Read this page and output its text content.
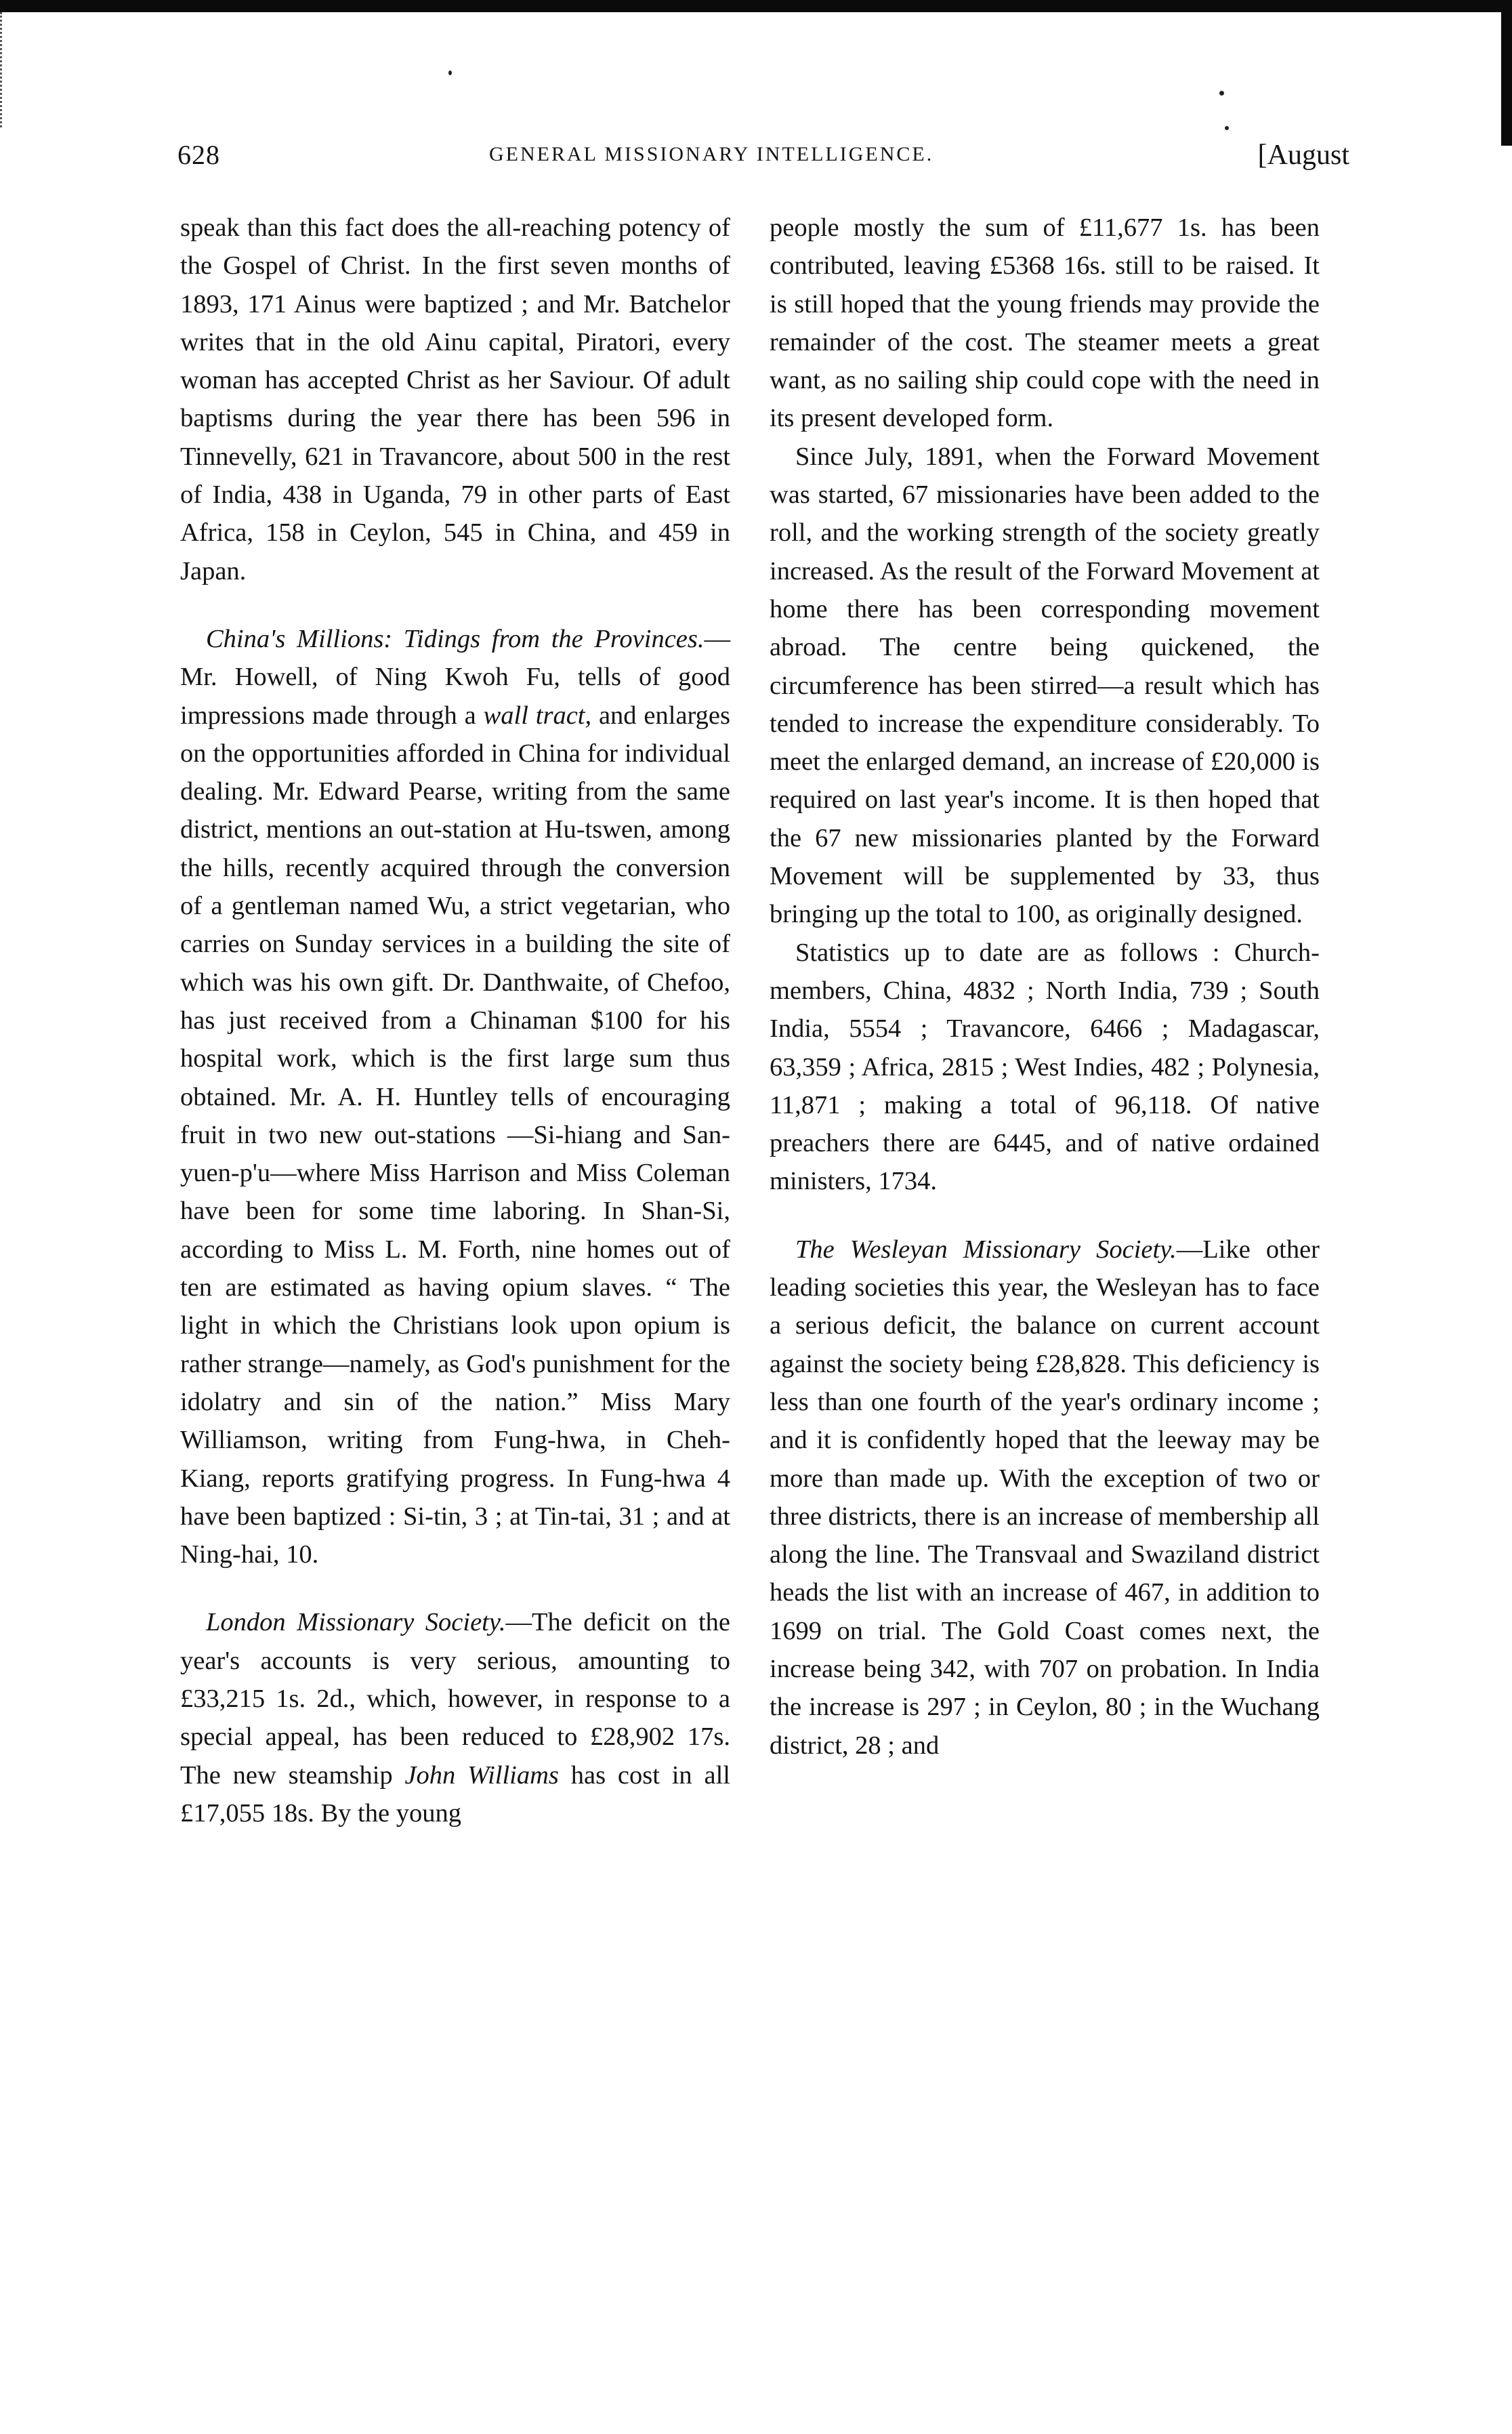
628	GENERAL MISSIONARY INTELLIGENCE.	[August

speak than this fact does the all-reaching potency of the Gospel of Christ. In the first seven months of 1893, 171 Ainus were baptized ; and Mr. Batchelor writes that in the old Ainu capital, Piratori, every woman has accepted Christ as her Saviour. Of adult baptisms during the year there has been 596 in Tinnevelly, 621 in Travancore, about 500 in the rest of India, 438 in Uganda, 79 in other parts of East Africa, 158 in Ceylon, 545 in China, and 459 in Japan.

China's Millions: Tidings from the Provinces.—Mr. Howell, of Ning Kwoh Fu, tells of good impressions made through a wall tract, and enlarges on the opportunities afforded in China for individual dealing. Mr. Edward Pearse, writing from the same district, mentions an out-station at Hu-tswen, among the hills, recently acquired through the conversion of a gentleman named Wu, a strict vegetarian, who carries on Sunday services in a building the site of which was his own gift. Dr. Danthwaite, of Chefoo, has just received from a Chinaman $100 for his hospital work, which is the first large sum thus obtained. Mr. A. H. Huntley tells of encouraging fruit in two new out-stations —Si-hiang and San-yuen-p'u—where Miss Harrison and Miss Coleman have been for some time laboring. In Shan-Si, according to Miss L. M. Forth, nine homes out of ten are estimated as having opium slaves. “ The light in which the Christians look upon opium is rather strange—namely, as God's punishment for the idolatry and sin of the nation.” Miss Mary Williamson, writing from Fung-hwa, in Cheh-Kiang, reports gratifying progress. In Fung-hwa 4 have been baptized : Si-tin, 3 ; at Tin-tai, 31 ; and at Ning-hai, 10.

London Missionary Society.—The deficit on the year's accounts is very serious, amounting to £33,215 1s. 2d., which, however, in response to a special appeal, has been reduced to £28,902 17s. The new steamship John Williams has cost in all £17,055 18s. By the young

people mostly the sum of £11,677 1s. has been contributed, leaving £5368 16s. still to be raised. It is still hoped that the young friends may provide the remainder of the cost. The steamer meets a great want, as no sailing ship could cope with the need in its present developed form.

Since July, 1891, when the Forward Movement was started, 67 missionaries have been added to the roll, and the working strength of the society greatly increased. As the result of the Forward Movement at home there has been corresponding movement abroad. The centre being quickened, the circumference has been stirred—a result which has tended to increase the expenditure considerably. To meet the enlarged demand, an increase of £20,000 is required on last year's income. It is then hoped that the 67 new missionaries planted by the Forward Movement will be supplemented by 33, thus bringing up the total to 100, as originally designed.

Statistics up to date are as follows : Church-members, China, 4832 ; North India, 739 ; South India, 5554 ; Travancore, 6466 ; Madagascar, 63,359 ; Africa, 2815 ; West Indies, 482 ; Polynesia, 11,871 ; making a total of 96,118. Of native preachers there are 6445, and of native ordained ministers, 1734.

The Wesleyan Missionary Society.—Like other leading societies this year, the Wesleyan has to face a serious deficit, the balance on current account against the society being £28,828. This deficiency is less than one fourth of the year's ordinary income ; and it is confidently hoped that the leeway may be more than made up. With the exception of two or three districts, there is an increase of membership all along the line. The Transvaal and Swaziland district heads the list with an increase of 467, in addition to 1699 on trial. The Gold Coast comes next, the increase being 342, with 707 on probation. In India the increase is 297 ; in Ceylon, 80 ; in the Wuchang district, 28 ; and
